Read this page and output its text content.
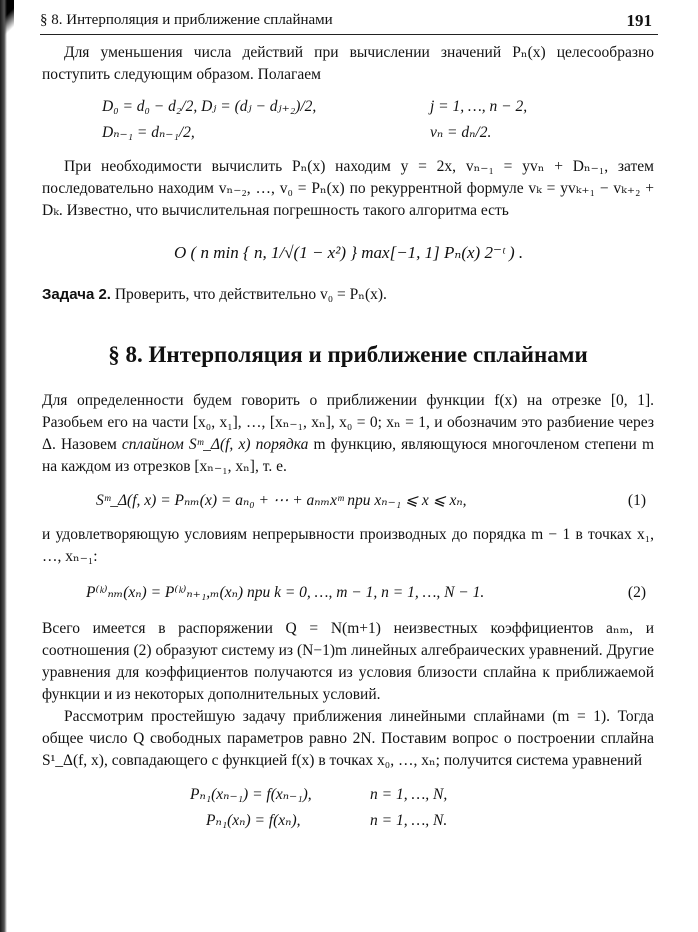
§ 8. Интерполяция и приближение сплайнами	191

Для уменьшения числа действий при вычислении значений Pₙ(x) целесообразно поступить следующим образом. Полагаем

D₀ = d₀ − d₂/2, Dⱼ = (dⱼ − dⱼ₊₂)/2,	j = 1, …, n − 2,
Dₙ₋₁ = dₙ₋₁/2,	vₙ = dₙ/2.

При необходимости вычислить Pₙ(x) находим y = 2x, vₙ₋₁ = yvₙ + Dₙ₋₁, затем последовательно находим vₙ₋₂, …, v₀ = Pₙ(x) по рекуррентной формуле vₖ = yvₖ₊₁ − vₖ₊₂ + Dₖ. Известно, что вычислительная погрешность такого алгоритма есть

O ( n min { n, 1/√(1 − x²) } max[−1, 1] Pₙ(x) 2⁻ᵗ ) .

Задача 2. Проверить, что действительно v₀ = Pₙ(x).

§ 8. Интерполяция и приближение сплайнами

Для определенности будем говорить о приближении функции f(x) на отрезке [0, 1]. Разобьем его на части [x₀, x₁], …, [xₙ₋₁, xₙ], x₀ = 0; xₙ = 1, и обозначим это разбиение через Δ. Назовем сплайном Sᵐ_Δ(f, x) порядка m функцию, являющуюся многочленом степени m на каждом из отрезков [xₙ₋₁, xₙ], т. е.

Sᵐ_Δ(f, x) = Pₙₘ(x) = aₙ₀ + ⋯ + aₙₘxᵐ при xₙ₋₁ ⩽ x ⩽ xₙ,	(1)

и удовлетворяющую условиям непрерывности производных до порядка m − 1 в точках x₁, …, xₙ₋₁:

P⁽ᵏ⁾ₙₘ(xₙ) = P⁽ᵏ⁾ₙ₊₁,ₘ(xₙ) при k = 0, …, m − 1, n = 1, …, N − 1.	(2)

Всего имеется в распоряжении Q = N(m+1) неизвестных коэффициентов aₙₘ, и соотношения (2) образуют систему из (N−1)m линейных алгебраических уравнений. Другие уравнения для коэффициентов получаются из условия близости сплайна к приближаемой функции и из некоторых дополнительных условий.

Рассмотрим простейшую задачу приближения линейными сплайнами (m = 1). Тогда общее число Q свободных параметров равно 2N. Поставим вопрос о построении сплайна S¹_Δ(f, x), совпадающего с функцией f(x) в точках x₀, …, xₙ; получится система уравнений

Pₙ₁(xₙ₋₁) = f(xₙ₋₁),	n = 1, …, N,
Pₙ₁(xₙ) = f(xₙ),	n = 1, …, N.
